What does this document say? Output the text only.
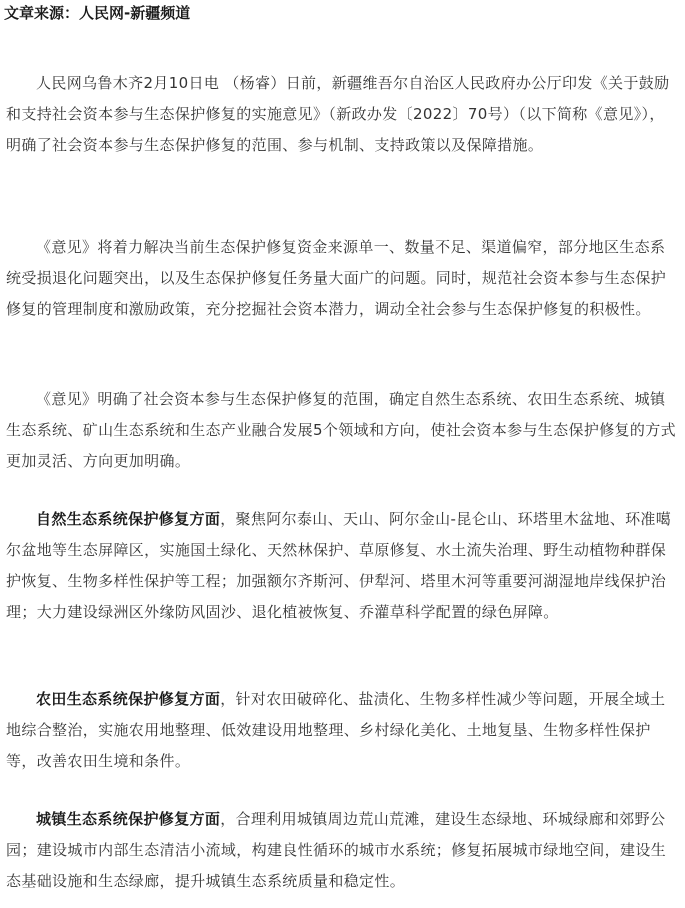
文章来源：人民网-新疆频道

人民网乌鲁木齐2月10日电 （杨睿）日前，新疆维吾尔自治区人民政府办公厅印发《关于鼓励和支持社会资本参与生态保护修复的实施意见》（新政办发〔2022〕70号）（以下简称《意见》），明确了社会资本参与生态保护修复的范围、参与机制、支持政策以及保障措施。

《意见》将着力解决当前生态保护修复资金来源单一、数量不足、渠道偏窄，部分地区生态系统受损退化问题突出，以及生态保护修复任务量大面广的问题。同时，规范社会资本参与生态保护修复的管理制度和激励政策，充分挖掘社会资本潜力，调动全社会参与生态保护修复的积极性。

《意见》明确了社会资本参与生态保护修复的范围，确定自然生态系统、农田生态系统、城镇生态系统、矿山生态系统和生态产业融合发展5个领域和方向，使社会资本参与生态保护修复的方式更加灵活、方向更加明确。

自然生态系统保护修复方面，聚焦阿尔泰山、天山、阿尔金山-昆仑山、环塔里木盆地、环准噶尔盆地等生态屏障区，实施国土绿化、天然林保护、草原修复、水土流失治理、野生动植物种群保护恢复、生物多样性保护等工程；加强额尔齐斯河、伊犁河、塔里木河等重要河湖湿地岸线保护治理；大力建设绿洲区外缘防风固沙、退化植被恢复、乔灌草科学配置的绿色屏障。

农田生态系统保护修复方面，针对农田破碎化、盐渍化、生物多样性减少等问题，开展全域土地综合整治，实施农用地整理、低效建设用地整理、乡村绿化美化、土地复垦、生物多样性保护等，改善农田生境和条件。

城镇生态系统保护修复方面，合理利用城镇周边荒山荒滩，建设生态绿地、环城绿廊和郊野公园；建设城市内部生态清洁小流域，构建良性循环的城市水系统；修复拓展城市绿地空间，建设生态基础设施和生态绿廊，提升城镇生态系统质量和稳定性。
